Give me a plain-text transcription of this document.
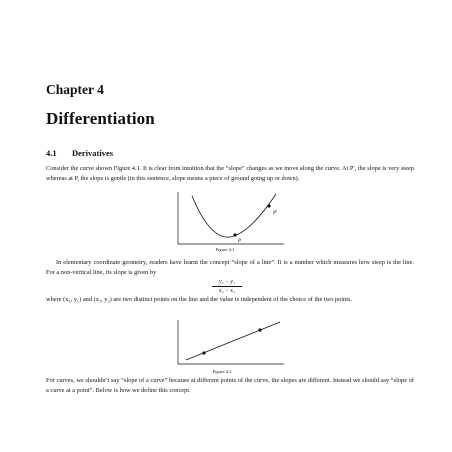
Chapter 4
Differentiation
4.1 Derivatives
Consider the curve shown Figure 4.1. It is clear from intuition that the “slope” changes as we move along the curve. At P′, the slope is very steep whereas at P, the slope is gentle (in this sentence, slope means a piece of ground going up or down).
P′
P
Figure 4.1
In elementary coordinate geometry, readers have learnt the concept “slope of a line”. It is a number which measures how steep is the line. For a non-vertical line, its slope is given by
$\frac{\text{y₂ − y₁}}{\text{x₂ − x₁}}$
where (x₁, y₁) and (x₂, y₂) are two distinct points on the line and the value is independent of the choice of the two points.
Figure 4.2
For curves, we shouldn’t say “slope of a curve” because at different points of the curve, the slopes are different. Instead we should say “slope of a curve at a point”. Below is how we define this concept.
